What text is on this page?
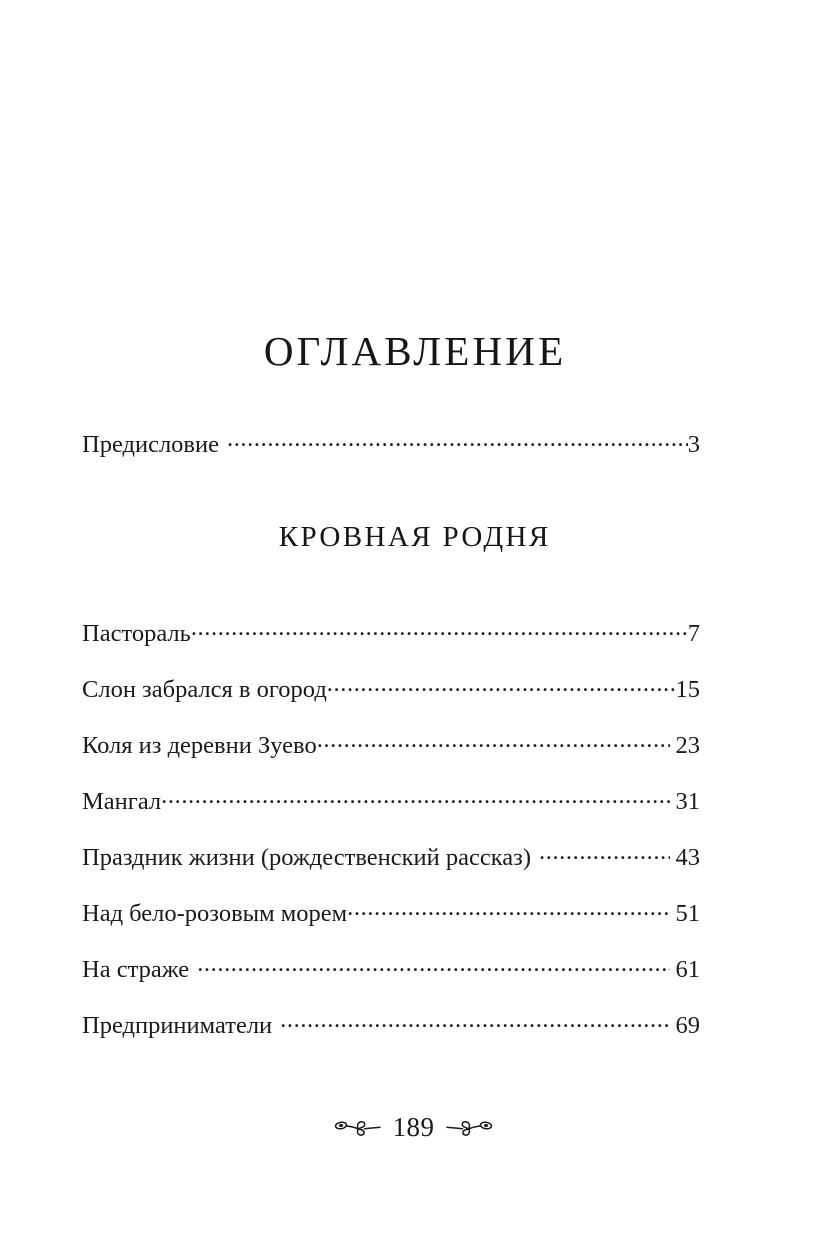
ОГЛАВЛЕНИЕ
Предисловие .....	3
КРОВНАЯ РОДНЯ
Пастораль .....	7
Слон забрался в огород .....	15
Коля из деревни Зуево .....	23
Мангал .....	31
Праздник жизни (рождественский рассказ) .....	43
Над бело-розовым морем .....	51
На страже .....	61
Предприниматели .....	69
189
